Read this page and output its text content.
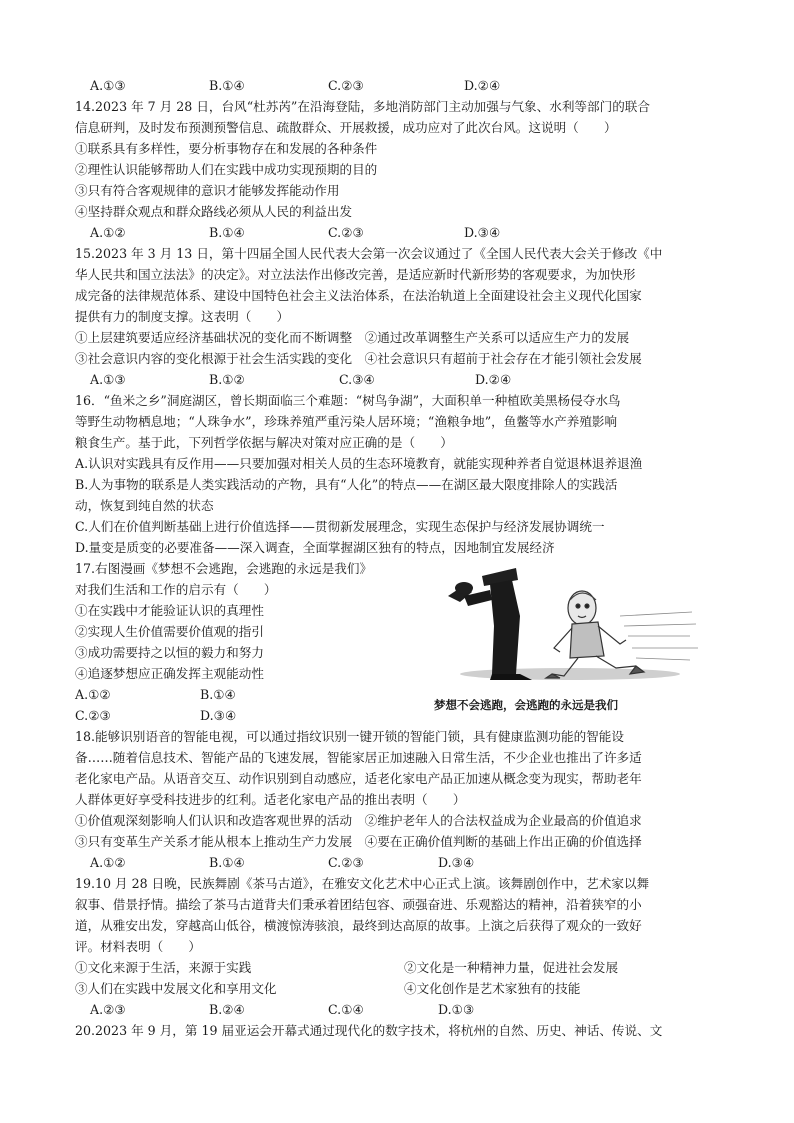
A.①③	B.①④	C.②③	D.②④
14.2023 年 7 月 28 日，台风“杜苏芮”在沿海登陆，多地消防部门主动加强与气象、水利等部门的联合
信息研判，及时发布预测预警信息、疏散群众、开展救援，成功应对了此次台风。这说明（　　）
①联系具有多样性，要分析事物存在和发展的各种条件
②理性认识能够帮助人们在实践中成功实现预期的目的
③只有符合客观规律的意识才能够发挥能动作用
④坚持群众观点和群众路线必须从人民的利益出发
A.①②	B.①④	C.②③	D.③④
15.2023 年 3 月 13 日，第十四届全国人民代表大会第一次会议通过了《全国人民代表大会关于修改《中
华人民共和国立法法》的决定》。对立法法作出修改完善，是适应新时代新形势的客观要求，为加快形
成完备的法律规范体系、建设中国特色社会主义法治体系，在法治轨道上全面建设社会主义现代化国家
提供有力的制度支撑。这表明（　　）
①上层建筑要适应经济基础状况的变化而不断调整　②通过改革调整生产关系可以适应生产力的发展
③社会意识内容的变化根源于社会生活实践的变化　④社会意识只有超前于社会存在才能引领社会发展
A.①③	B.①②	C.③④	D.②④
16．“鱼米之乡”洞庭湖区，曾长期面临三个难题：“树鸟争湖”，大面积单一种植欧美黑杨侵夺水鸟
等野生动物栖息地；“人珠争水”，珍珠养殖严重污染人居环境；“渔粮争地”，鱼鳖等水产养殖影响
粮食生产。基于此，下列哲学依据与解决对策对应正确的是（　　）
A.认识对实践具有反作用——只要加强对相关人员的生态环境教育，就能实现种养者自觉退林退养退渔
B.人为事物的联系是人类实践活动的产物，具有“人化”的特点——在湖区最大限度排除人的实践活
动，恢复到纯自然的状态
C.人们在价值判断基础上进行价值选择——贯彻新发展理念，实现生态保护与经济发展协调统一
D.量变是质变的必要准备——深入调查，全面掌握湖区独有的特点，因地制宜发展经济
17.右图漫画《梦想不会逃跑，会逃跑的永远是我们》
对我们生活和工作的启示有（　　）
①在实践中才能验证认识的真理性
②实现人生价值需要价值观的指引
③成功需要持之以恒的毅力和努力
④追逐梦想应正确发挥主观能动性
A.①②	B.①④
C.②③	D.③④
梦想不会逃跑，会逃跑的永远是我们
18.能够识别语音的智能电视，可以通过指纹识别一键开锁的智能门锁，具有健康监测功能的智能设
备……随着信息技术、智能产品的飞速发展，智能家居正加速融入日常生活，不少企业也推出了许多适
老化家电产品。从语音交互、动作识别到自动感应，适老化家电产品正加速从概念变为现实，帮助老年
人群体更好享受科技进步的红利。适老化家电产品的推出表明（　　）
①价值观深刻影响人们认识和改造客观世界的活动　②维护老年人的合法权益成为企业最高的价值追求
③只有变革生产关系才能从根本上推动生产力发展　④要在正确价值判断的基础上作出正确的价值选择
A.①②	B.①④	C.②③	D.③④
19.10 月 28 日晚，民族舞剧《茶马古道》，在雅安文化艺术中心正式上演。该舞剧创作中，艺术家以舞
叙事、借景抒情。描绘了茶马古道背夫们秉承着团结包容、顽强奋进、乐观豁达的精神，沿着狭窄的小
道，从雅安出发，穿越高山低谷，横渡惊涛骇浪，最终到达高原的故事。上演之后获得了观众的一致好
评。材料表明（　　）
①文化来源于生活，来源于实践	②文化是一种精神力量，促进社会发展
③人们在实践中发展文化和享用文化	④文化创作是艺术家独有的技能
A.②③	B.②④	C.①④	D.①③
20.2023 年 9 月，第 19 届亚运会开幕式通过现代化的数字技术，将杭州的自然、历史、神话、传说、文
